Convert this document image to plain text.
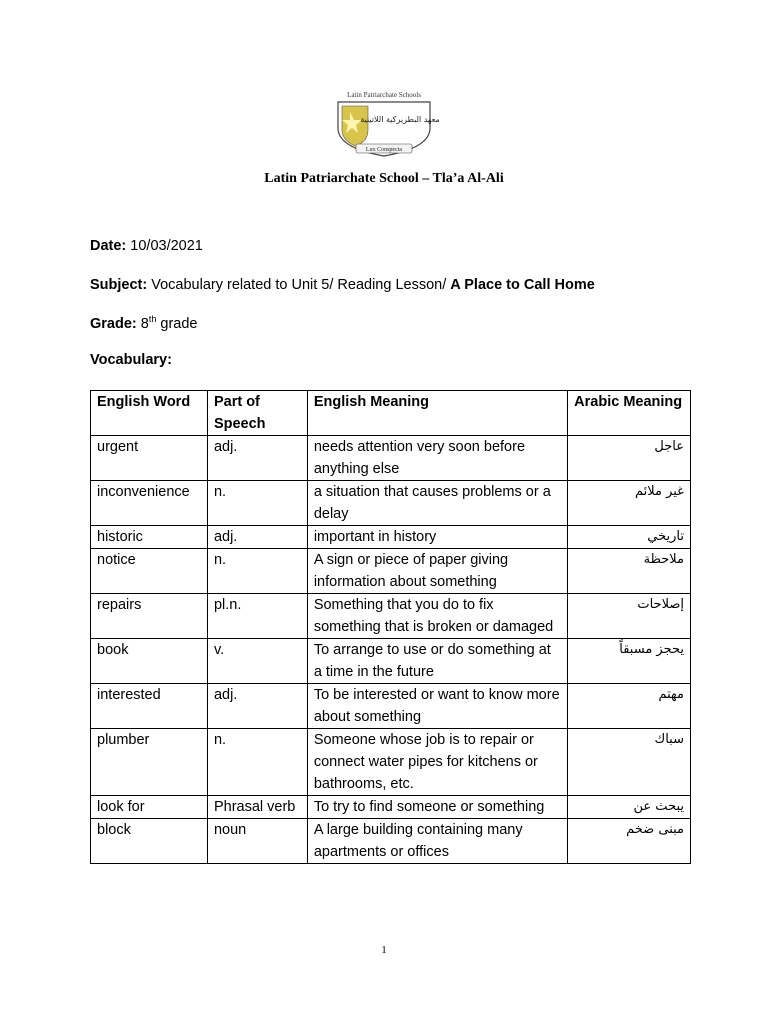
Latin Patriarchate Schools
معهد البطريركية اللاتينية
Lux Conspecta
Latin Patriarchate School – Tla’a Al-Ali
Date: 10/03/2021
Subject: Vocabulary related to Unit 5/ Reading Lesson/ A Place to Call Home
Grade: 8th grade
Vocabulary:
English Word	Part of Speech	English Meaning	Arabic Meaning
urgent	adj.	needs attention very soon before anything else	عاجل
inconvenience	n.	a situation that causes problems or a delay	غير ملائم
historic	adj.	important in history	تاريخي
notice	n.	A sign or piece of paper giving information about something	ملاحظة
repairs	pl.n.	Something that you do to fix something that is broken or damaged	إصلاحات
book	v.	To arrange to use or do something at a time in the future	يحجز مسبقاً
interested	adj.	To be interested or want to know more about something	مهتم
plumber	n.	Someone whose job is to repair or connect water pipes for kitchens or bathrooms, etc.	سباك
look for	Phrasal verb	To try to find someone or something	يبحث عن
block	noun	A large building containing many apartments or offices	مبنى ضخم
1
